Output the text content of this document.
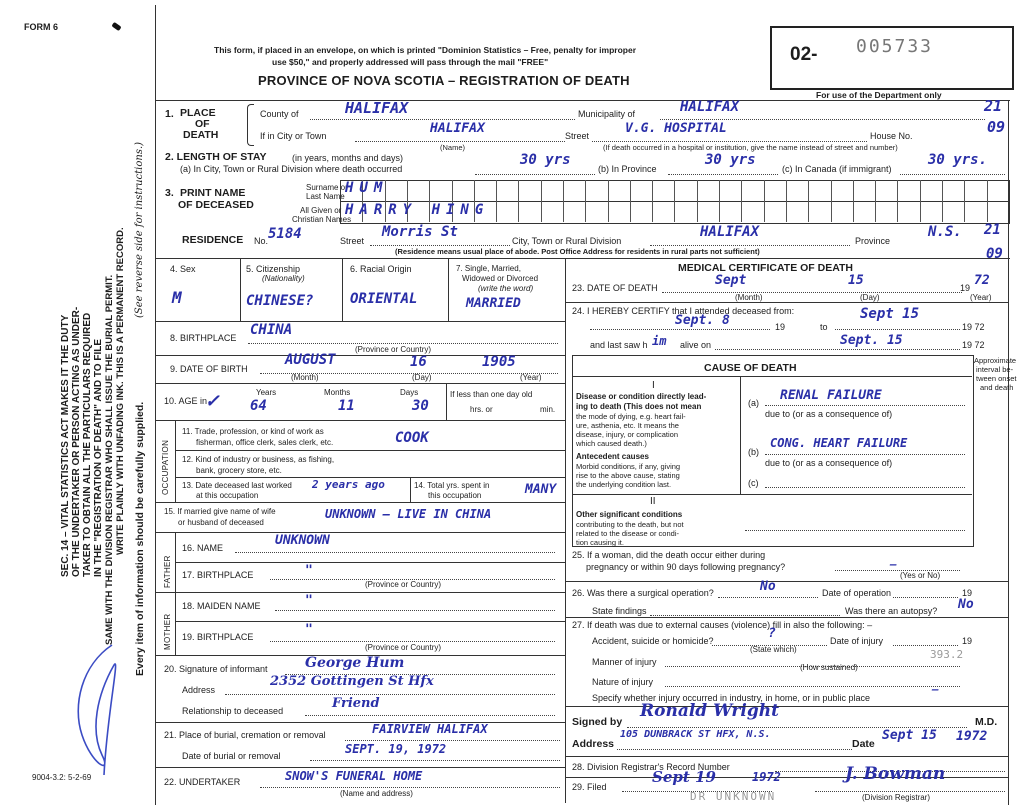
FORM 6
This form, if placed in an envelope, on which is printed "Dominion Statistics – Free, penalty for improper
use $50," and properly addressed will pass through the mail "FREE"
PROVINCE OF NOVA SCOTIA – REGISTRATION OF DEATH
02- 005733
For use of the Department only
SEC. 14 – VITAL STATISTICS ACT MAKES IT THE DUTY OF THE UNDERTAKER OR PERSON ACTING AS UNDER- TAKER TO OBTAIN ALL THE PARTICULARS REQUIRED IN THE "REGISTRATION OF DEATH" AND TO FILE SAME WITH THE DIVISION REGISTRAR WHO SHALL ISSUE THE BURIAL PERMIT. WRITE PLAINLY WITH UNFADING INK. THIS IS A PERMANENT RECORD. (See reverse side for instructions.)
Every item of information should be carefully supplied.
9004-3.2: 5-2-69
1. PLACE
OF
DEATH
County of	HALIFAX	Municipality of	HALIFAX	21
If in City or Town	HALIFAX
(Name)
Street	V.G. HOSPITAL	House No.	09
(If death occurred in a hospital or institution, give the name instead of street and number)
2. LENGTH OF STAY	(in years, months and days)
(a) In City, Town or Rural Division where death occurred
30 yrs
(b) In Province
30 yrs
(c) In Canada (if immigrant)
30 yrs.
3. PRINT NAME
OF DECEASED
Surname or
Last Name
All Given or
Christian Names
HUM
HARRY HING
RESIDENCE No. 5184	Street
Morris St
City, Town or Rural Division
HALIFAX
Province
N.S. 21
09
(Residence means usual place of abode. Post Office Address for residents in rural parts not sufficient)
4. Sex
M
5. Citizenship
(Nationality)
CHINESE?
6. Racial Origin
ORIENTAL
7. Single, Married,
Widowed or Divorced
(write the word)
MARRIED
8. BIRTHPLACE CHINA
(Province or Country)
9. DATE OF BIRTH
AUGUST	16	1905
(Month)	(Day)	(Year)
10. AGE in
✓	Years	Months	Days
64	11	30
If less than one day old
hrs. or	min.
OCCUPATION
11. Trade, profession, or kind of work as
fisherman, office clerk, sales clerk, etc.	COOK
12. Kind of industry or business, as fishing,
bank, grocery store, etc.
13. Date deceased last worked
at this occupation
2 years ago	14. Total yrs. spent in
this occupation	MANY
15. If married give name of wife
or husband of deceased
UNKNOWN – LIVE IN CHINA
FATHER
MOTHER
16. NAME	UNKNOWN
17. BIRTHPLACE	"
(Province or Country)
18. MAIDEN NAME	"
19. BIRTHPLACE	"
(Province or Country)
20. Signature of informant	George Hum
Address
2352 Gottingen St Hfx
Relationship to deceased	Friend
21. Place of burial, cremation or removal	FAIRVIEW HALIFAX
Date of burial or removal	SEPT. 19, 1972
22. UNDERTAKER	SNOW'S FUNERAL HOME
(Name and address)
MEDICAL CERTIFICATE OF DEATH
23. DATE OF DEATH	Sept	15	19 72
(Month)	(Day)	(Year)
24. I HEREBY CERTIFY that I attended deceased from:
Sept. 8	19	to
Sept 15
19 72
and last saw h im alive on	Sept. 15	19 72
CAUSE OF DEATH
Approximate
interval be-
tween onset
and death
I
Disease or condition directly lead-
ing to death (This does not mean
the mode of dying, e.g. heart fail-
ure, asthenia, etc. It means the
disease, injury, or complication
which caused death.)
(a) RENAL FAILURE
due to (or as a consequence of)
Antecedent causes
Morbid conditions, if any, giving
rise to the above cause, stating
the underlying condition last.
(b)
CONG. HEART FAILURE
due to (or as a consequence of)
(c)
II
Other significant conditions
contributing to the death, but not
related to the disease or condi-
tion causing it.
25. If a woman, did the death occur either during
pregnancy or within 90 days following pregnancy?	—
(Yes or No)
26. Was there a surgical operation?	No	Date of operation	19
State findings	Was there an autopsy? No
27. If death was due to external causes (violence) fill in also the following: –
Accident, suicide or homicide?	?	Date of injury	19
(State which)
Manner of injury
393.2
(How sustained)
Nature of injury
Specify whether injury occurred in industry, in home, or in public place
—
Signed by
Ronald Wright
M.D.
Address
105 DUNBRACK ST HFX, N.S.
Date
Sept 15 1972
28. Division Registrar's Record Number
29. Filed
Sept 19	1972	J. Bowman
(Division Registrar)
DR UNKNOWN
